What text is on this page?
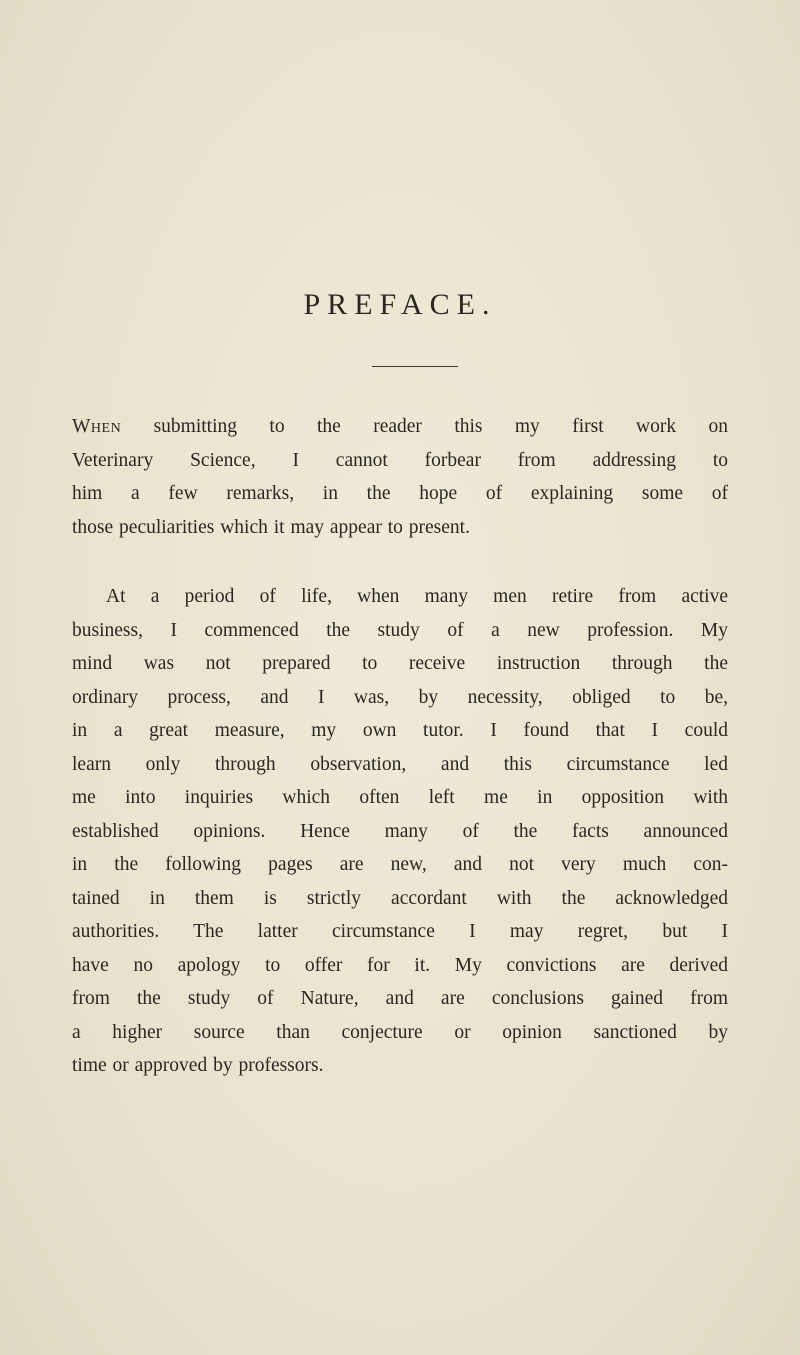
PREFACE.
When submitting to the reader this my first work on
Veterinary Science, I cannot forbear from addressing to
him a few remarks, in the hope of explaining some of
those peculiarities which it may appear to present.
At a period of life, when many men retire from active
business, I commenced the study of a new profession. My
mind was not prepared to receive instruction through the
ordinary process, and I was, by necessity, obliged to be,
in a great measure, my own tutor. I found that I could
learn only through observation, and this circumstance led
me into inquiries which often left me in opposition with
established opinions. Hence many of the facts announced
in the following pages are new, and not very much con-
tained in them is strictly accordant with the acknowledged
authorities. The latter circumstance I may regret, but I
have no apology to offer for it. My convictions are derived
from the study of Nature, and are conclusions gained from
a higher source than conjecture or opinion sanctioned by
time or approved by professors.
